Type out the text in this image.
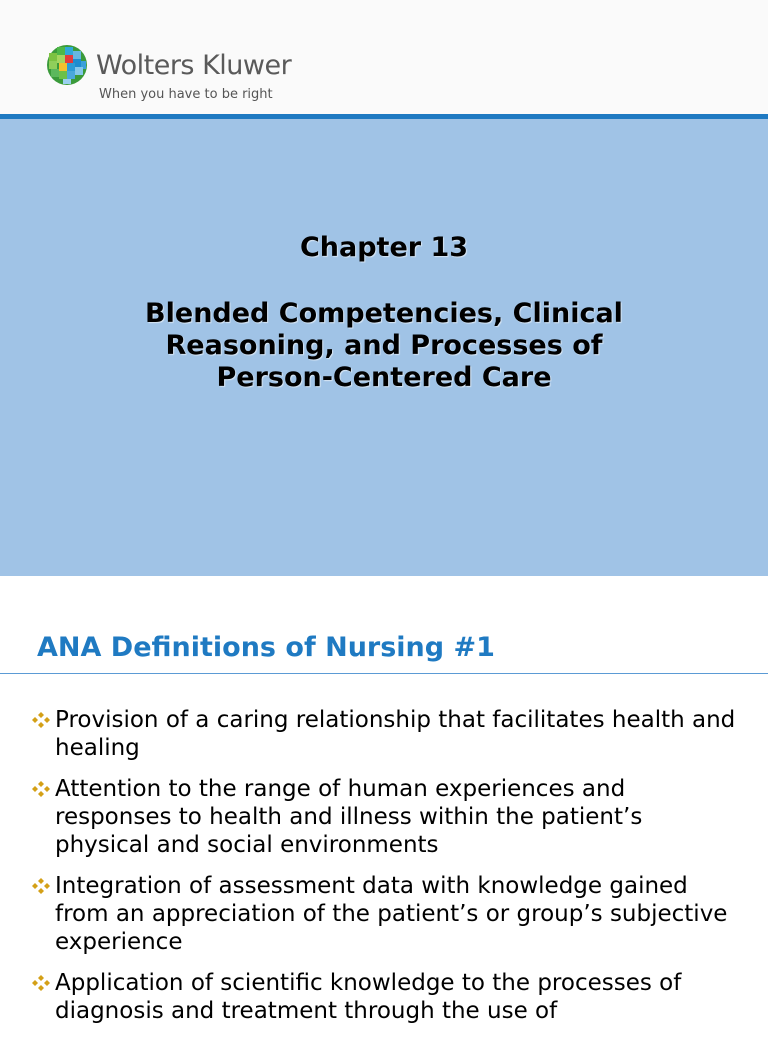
Wolters Kluwer
When you have to be right
Chapter 13
Blended Competencies, Clinical
Reasoning, and Processes of
Person-Centered Care
ANA Definitions of Nursing #1
Provision of a caring relationship that facilitates health and healing
Attention to the range of human experiences and responses to health and illness within the patient’s physical and social environments
Integration of assessment data with knowledge gained from an appreciation of the patient’s or group’s subjective experience
Application of scientific knowledge to the processes of diagnosis and treatment through the use of
